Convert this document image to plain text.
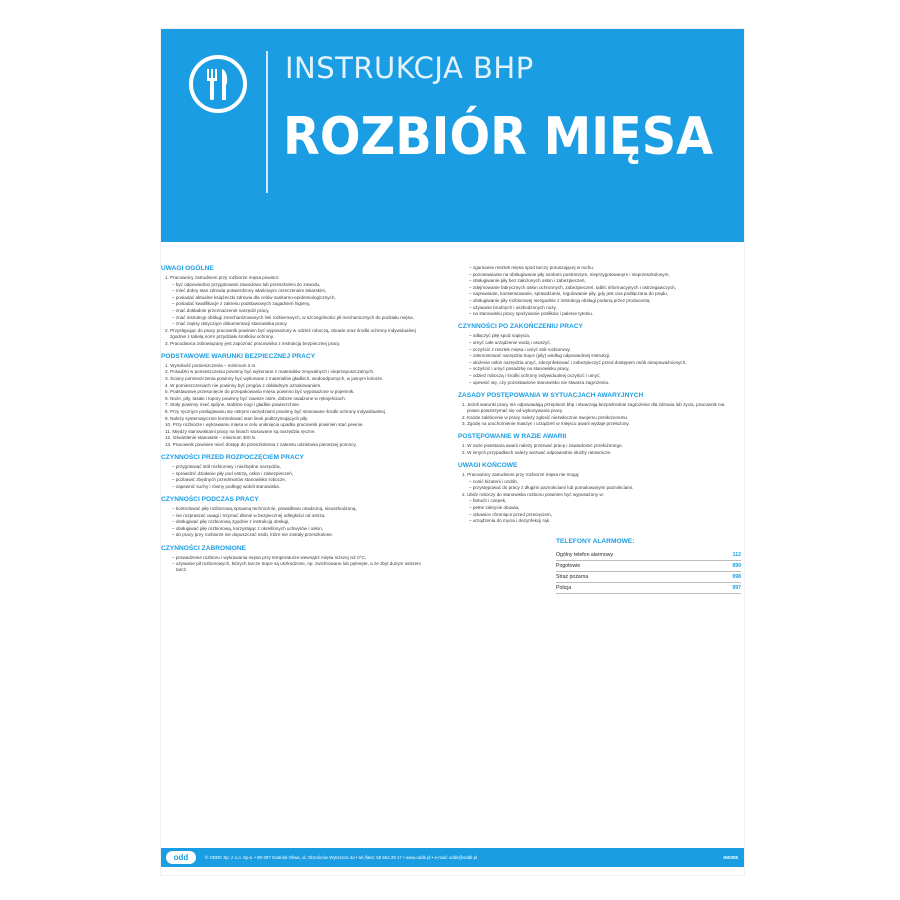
INSTRUKCJA BHP
ROZBIÓR MIĘSA
UWAGI OGÓLNE
1. Pracownicy zatrudnieni przy rozbiorze mięsa powinni:
– być odpowiednio przygotowani zawodowo lub przeszkoleni do zawodu,
– mieć dobry stan zdrowia potwierdzony właściwym orzeczeniem lekarskim,
– posiadać aktualne książeczki zdrowia dla celów sanitarno-epidemiologicznych,
– posiadać kwalifikacje z zakresu podstawowych zagadnień higieny,
– znać dokładnie przeznaczenie narzędzi pracy,
– znać instrukcję obsługi zmechanizowanych linii rozbierowych, w szczególności pił mechanicznych do podziału mięsa,
– znać zapisy dotyczące dokumentacji stanowiska pracy.
2. Przystępując do pracy pracownik powinien być wyposażony w odzież roboczą, obuwie oraz środki ochrony indywidualnej zgodnie z tabelą norm przydziału środków ochrony.
3. Pracodawca zobowiązany jest zapoznać pracownika z instrukcją bezpiecznej pracy.
PODSTAWOWE WARUNKI BEZPIECZNEJ PRACY
1. Wysokość pomieszczenia – minimum 3 m.
2. Posadzki w pomieszczeniu powinny być wykonane z materiałów zmywalnych i nieprzepuszczalnych.
3. Ściany pomieszczenia powinny być wykonane z materiałów gładkich, wodoodpornych, w jasnym kolorze.
4. W pomieszczeniach nie powinny być progów z dokładnym oznakowaniem.
5. Podstawowe przesunięcie do przepakowania mięsa powinno być wyposażone w pojemnik.
6. Noże, piły, tasaki i topory powinny być zawsze ostre, dobrze osadzone w rękojeściach.
7. Stoły powinny mieć spójne, stabilne nogi i gładkie powierzchnie.
8. Przy ręcznym posługiwaniu się ostrymi narzędziami powinny być stosowane środki ochrony indywidualnej.
9. Należy systematycznie kontrolować stan linek podtrzymujących piły.
10. Przy rozbiorze i wykrawaniu mięsa w celu uniknięcia upadku pracownik powinien stać pewnie.
11. Między stanowiskami pracy na liniach stosowane są narzędzia ręczne.
12. Oświetlenie stanowisk – minimum 300 lx.
13. Pracownik powinien mieć dostęp do przeszkolenia z zakresu udzielania pierwszej pomocy.
CZYNNOŚCI PRZED ROZPOCZĘCIEM PRACY
– przygotować stół rozbiorowy i niezbędne narzędzia,
– sprawdzić działanie piły pod ostrzą, osłon i zabezpieczeń,
– pozbawić zbędnych przedmiotów stanowisko robocze,
– zapewnić suchy i równy podłogę wokół stanowiska.
CZYNNOŚCI PODCZAS PRACY
– kontrolować piłę rozbiorową sprawną technicznie, prawidłowo osadzoną, nieuszkodzoną,
– nie rozpraszać uwagi i trzymać dłonie w bezpiecznej odległości od ostrza,
– obsługiwać piłę rozbiorową zgodnie z instrukcją obsługi,
– obsługiwać piłę rozbiorową, korzystając z określonych uchwytów i osłon,
– do pracy przy rozbiorze nie dopuszczać osób, które nie zostały przeszkolone.
CZYNNOŚCI ZABRONIONE
– prowadzenie rozbioru i wykrawania mięsa przy temperaturze wewnątrz mięsa niższej niż 0°C,
– używanie pił rozbiorowych, których tarcze tnące są uszkodzone, np. zwichrowane lub pęknięte, a ze zbyt dużym ostrzem tarcz.
– zgarnianie resztek mięsa spod tarczy poruszającej w ruchu,
– pozostawianie na obsługiwanie piły osobom postronnym, nieprzygotowanym i nieprzeszkolonym,
– obsługiwanie piły bez założonych osłon i zabezpieczeń,
– zdejmowanie fabrycznych osłon ochronnych, zabezpieczeń, tablic informacyjnych i ostrzegawczych,
– naprawianie, konserwowanie, sprawdzanie, regulowanie piły, gdy jest ona podłączona do prądu,
– obsługiwanie piły rozbiorowej niezgodnie z instrukcją obsługi podaną przez producenta,
– używanie brudnych i uszkodzonych noży,
– na stanowisku pracy spożywanie posiłków i palenie tytoniu.
CZYNNOŚCI PO ZAKOŃCZENIU PRACY
– odłączyć piłę spod napięcia,
– umyć całe urządzenie wodą i osuszyć,
– oczyścić z resztek mięsa i umyć stół rozbiorowy,
– zdemontować narzędzia tnące (piły) według odpowiedniej instrukcji,
– ułożenie osłon narzędzia umyć, zdezynfekować i zabezpieczyć przed dostępem osób nieupoważnionych,
– oczyścić i umyć posadzkę na stanowisku pracy,
– odzież roboczą i środki ochrony indywidualnej oczyścić i umyć,
– upewnić się, czy pozostawione stanowisko nie stwarza zagrożenia.
ZASADY POSTĘPOWANIA W SYTUACJACH AWARYJNYCH
1. Jeżeli warunki pracy nie odpowiadają przepisom bhp i stwarzają bezpośrednie zagrożenie dla zdrowia lub życia, pracownik ma prawo powstrzymać się od wykonywania pracy.
2. Każde zakłócenie w pracy należy zgłosić niezwłocznie swojemu przełożonemu.
3. Zgodę na uruchomienie maszyn i urządzeń w miejscu awarii wydaje przełożony.
POSTĘPOWANIE W RAZIE AWARII
1. W razie powstania awarii należy przerwać pracę i zawiadomić przełożonego.
2. W innych przypadkach należy wezwać odpowiednie służby ratownicze.
UWAGI KOŃCOWE
1. Pracownicy zatrudnieni przy rozbiorze mięsa nie mogą:
– nosić biżuterii i ozdób,
– przystępować do pracy z długimi paznokciami lub pomalowanymi paznokciami.
2. Ubiór roboczy do stanowiska rozbioru powinien być wyposażony w:
– fartuch i czepek,
– pełne zakrycie obuwia,
– rękawice chroniące przed przecięciem,
– urządzenia do mycia i dezynfekcji rąk.
TELEFONY ALARMOWE:
Ogólny telefon alarmowy	112
Pogotowie	999
Straż pożarna	998
Policja	997
odd	© ODDK Sp. z o.o. Sp.k. • 80-297 Gdańsk-Oliwa, ul. Obrońców Wybrzeża 4d • tel./faks: 58 554 29 17 • www.oddk.pl • e-mail: oddk@oddk.pl	INS305
